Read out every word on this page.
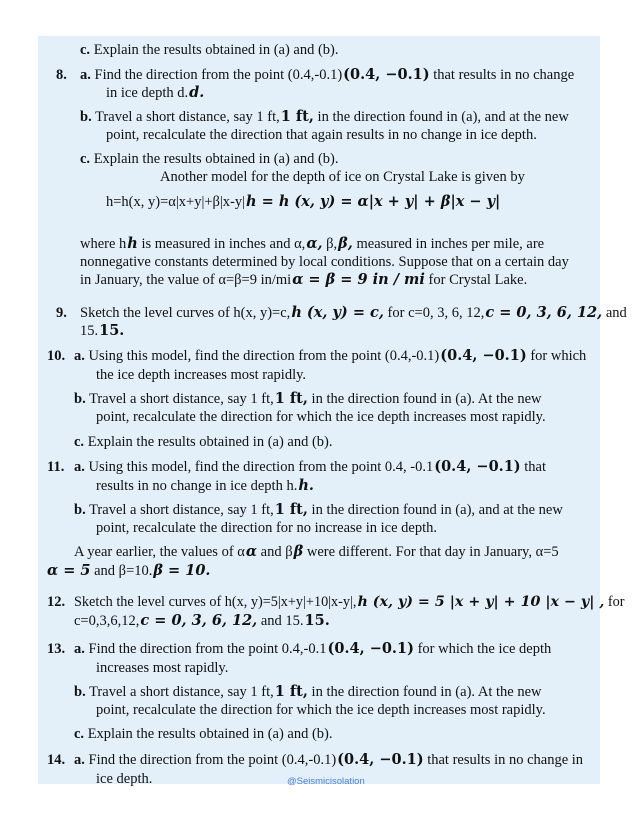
c. Explain the results obtained in (a) and (b).
8. a. Find the direction from the point (0.4,-0.1)(0.4, −0.1) that results in no change
in ice depth d.d.
b. Travel a short distance, say 1 ft,1 ft, in the direction found in (a), and at the new
point, recalculate the direction that again results in no change in ice depth.
c. Explain the results obtained in (a) and (b).
Another model for the depth of ice on Crystal Lake is given by
h=h(x, y)=α|x+y|+β|x-y|h = h (x, y) = α|x + y| + β|x − y|
where hh is measured in inches and α,α, β,β, measured in inches per mile, are
nonnegative constants determined by local conditions. Suppose that on a certain day
in January, the value of α=β=9 in/miα = β = 9 in / mi for Crystal Lake.
9. Sketch the level curves of h(x, y)=c,h (x, y) = c, for c=0, 3, 6, 12,c = 0, 3, 6, 12, and
15.15.
10. a. Using this model, find the direction from the point (0.4,-0.1)(0.4, −0.1) for which
the ice depth increases most rapidly.
b. Travel a short distance, say 1 ft,1 ft, in the direction found in (a). At the new
point, recalculate the direction for which the ice depth increases most rapidly.
c. Explain the results obtained in (a) and (b).
11. a. Using this model, find the direction from the point 0.4, -0.1(0.4, −0.1) that
results in no change in ice depth h.h.
b. Travel a short distance, say 1 ft,1 ft, in the direction found in (a), and at the new
point, recalculate the direction for no increase in ice depth.
A year earlier, the values of αα and ββ were different. For that day in January, α=5
α = 5 and β=10.β = 10.
12. Sketch the level curves of h(x, y)=5|x+y|+10|x-y|,h (x, y) = 5 |x + y| + 10 |x − y| , for
c=0,3,6,12,c = 0, 3, 6, 12, and 15.15.
13. a. Find the direction from the point 0.4,-0.1(0.4, −0.1) for which the ice depth
increases most rapidly.
b. Travel a short distance, say 1 ft,1 ft, in the direction found in (a). At the new
point, recalculate the direction for which the ice depth increases most rapidly.
c. Explain the results obtained in (a) and (b).
14. a. Find the direction from the point (0.4,-0.1)(0.4, −0.1) that results in no change in
ice depth.	@Seismicisolation
